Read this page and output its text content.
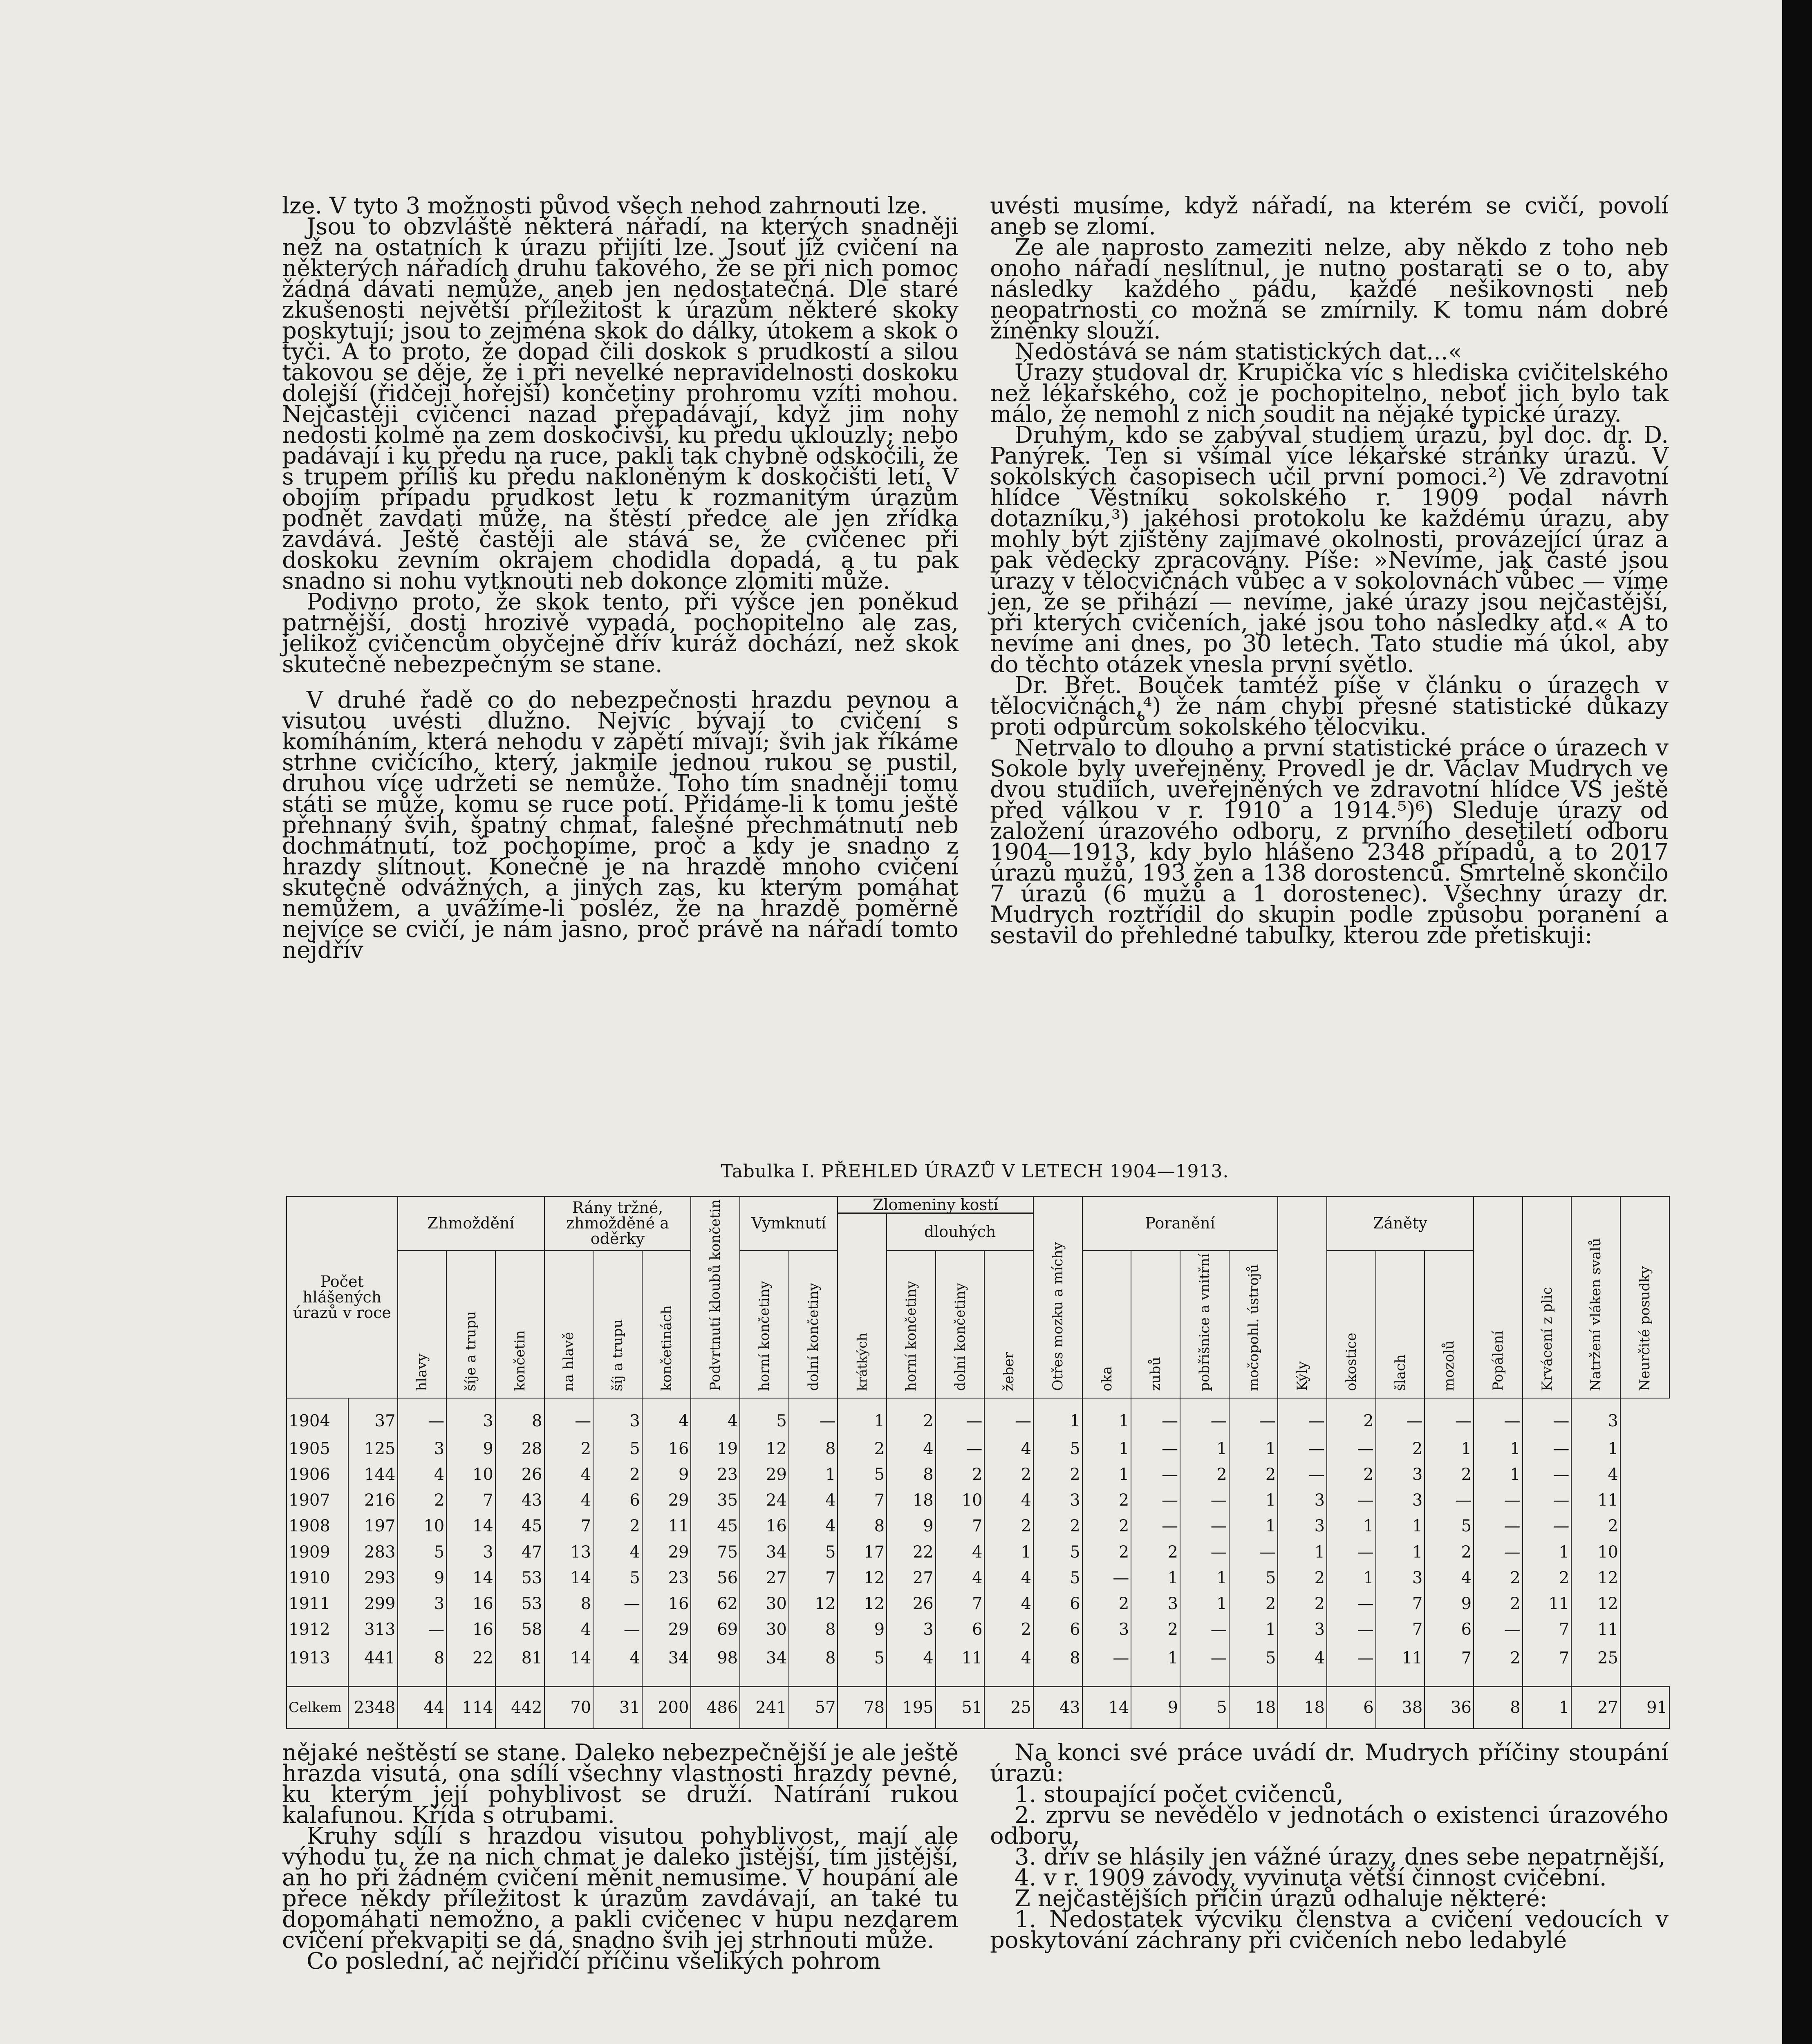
lze. V tyto 3 možnosti původ všech nehod zahrnouti lze.

Jsou to obzvláště některá nářadí, na kterých snadněji než na ostatních k úrazu přijíti lze. Jsouť již cvičení na některých nářadích druhu takového, že se při nich pomoc žádná dávati nemůže, aneb jen nedostatečná. Dle staré zkušenosti největší příležitost k úrazům některé skoky poskytují; jsou to zejména skok do dálky, útokem a skok o tyči. A to proto, že dopad čili doskok s prudkostí a silou takovou se děje, že i při nevelké nepravidelnosti doskoku dolejší (řidčeji hořejší) končetiny prohromu vzíti mohou. Nejčastěji cvičenci nazad přepadávají, když jim nohy nedosti kolmě na zem doskočivší, ku předu uklouzly; nebo padávají i ku předu na ruce, pakli tak chybně odskočili, že s trupem příliš ku předu nakloněným k doskočišti letí. V obojím případu prudkost letu k rozmanitým úrazům podnět zavdati může, na štěstí předce ale jen zřídka zavdává. Ještě častěji ale stává se, že cvičenec při doskoku zevním okrajem chodidla dopadá, a tu pak snadno si nohu vytknouti neb dokonce zlomiti může.

Podivno proto, že skok tento, při výšce jen poněkud patrnější, dosti hrozivě vypadá, pochopitelno ale zas, jelikož cvičencům obyčejně dřív kuráž dochází, než skok skutečně nebezpečným se stane.

V druhé řadě co do nebezpečnosti hrazdu pevnou a visutou uvésti dlužno. Nejvíc bývají to cvičení s komíháním, která nehodu v zápětí mívají; švih jak říkáme strhne cvičícího, který, jakmile jednou rukou se pustil, druhou více udržeti se nemůže. Toho tím snadněji tomu státi se může, komu se ruce potí. Přidáme-li k tomu ještě přehnaný švih, špatný chmat, falešné přechmátnutí neb dochmátnutí, tož pochopíme, proč a kdy je snadno z hrazdy slítnout. Konečně je na hrazdě mnoho cvičení skutečně odvážných, a jiných zas, ku kterým pomáhat nemůžem, a uvážíme-li posléz, že na hrazdě poměrně nejvíce se cvičí, je nám jasno, proč právě na nářadí tomto nejdřív

uvésti musíme, když nářadí, na kterém se cvičí, povolí aneb se zlomí.

Že ale naprosto zameziti nelze, aby někdo z toho neb onoho nářadí neslítnul, je nutno postarati se o to, aby následky každého pádu, každé nešikovnosti neb neopatrnosti co možná se zmírnily. K tomu nám dobré žíněnky slouží.

Nedostává se nám statistických dat...«

Úrazy studoval dr. Krupička víc s hlediska cvičitelského než lékařského, což je pochopitelno, neboť jich bylo tak málo, že nemohl z nich soudit na nějaké typické úrazy.

Druhým, kdo se zabýval studiem úrazů, byl doc. dr. D. Panýrek. Ten si všímal více lékařské stránky úrazů. V sokolských časopisech učil první pomoci.²) Ve zdravotní hlídce Věstníku sokolského r. 1909 podal návrh dotazníku,³) jakéhosi protokolu ke každému úrazu, aby mohly být zjištěny zajímavé okolnosti, provázející úraz a pak vědecky zpracovány. Píše: »Nevíme, jak časté jsou úrazy v tělocvičnách vůbec a v sokolovnách vůbec — víme jen, že se přihází — nevíme, jaké úrazy jsou nejčastější, při kterých cvičeních, jaké jsou toho následky atd.« A to nevíme ani dnes, po 30 letech. Tato studie má úkol, aby do těchto otázek vnesla první světlo.

Dr. Břet. Bouček tamtéž píše v článku o úrazech v tělocvičnách,⁴) že nám chybí přesné statistické důkazy proti odpůrcům sokolského tělocviku.

Netrvalo to dlouho a první statistické práce o úrazech v Sokole byly uveřejněny. Provedl je dr. Václav Mudrych ve dvou studiích, uveřejněných ve zdravotní hlídce VS ještě před válkou v r. 1910 a 1914.⁵)⁶) Sleduje úrazy od založení úrazového odboru, z prvního desetiletí odboru 1904—1913, kdy bylo hlášeno 2348 případů, a to 2017 úrazů mužů, 193 žen a 138 dorostenců. Smrtelně skončilo 7 úrazů (6 mužů a 1 dorostenec). Všechny úrazy dr. Mudrych roztřídil do skupin podle způsobu poranění a sestavil do přehledné tabulky, kterou zde přetiskuji:

Tabulka I. PŘEHLED ÚRAZŮ V LETECH 1904—1913.
Počet hlášených úrazů v roce		Zhmoždění			Rány tržné, zhmožděné a oděrky			Podvrtnutí kloubů končetin	Vymknutí		Zlomeniny kostí				Otřes mozku a míchy	Poranění				Kýly	Záněty			Popálení	Krvácení z plic	Natržení vláken svalů	Neurčité posudky
											krátkých	dlouhých															
		hlavy	šíje a trupu	končetin	na hlavě	šíj a trupu	končetinách		horní končetiny	dolní končetiny		horní končetiny	dolní končetiny	žeber		oka	zubů	pobřišnice a vnitřní	močopohl. ústrojů		okostice	šlach	mozolů				
1904	37	—	3	8	—	3	4	4	5	—	1	2	—	—	1	1	—	—	—	—	2	—	—	—	—	3	
1905	125	3	9	28	2	5	16	19	12	8	2	4	—	4	5	1	—	1	1	—	—	2	1	1	—	1	
1906	144	4	10	26	4	2	9	23	29	1	5	8	2	2	2	1	—	2	2	—	2	3	2	1	—	4	
1907	216	2	7	43	4	6	29	35	24	4	7	18	10	4	3	2	—	—	1	3	—	3	—	—	—	11	
1908	197	10	14	45	7	2	11	45	16	4	8	9	7	2	2	2	—	—	1	3	1	1	5	—	—	2	
1909	283	5	3	47	13	4	29	75	34	5	17	22	4	1	5	2	2	—	—	1	—	1	2	—	1	10	
1910	293	9	14	53	14	5	23	56	27	7	12	27	4	4	5	—	1	1	5	2	1	3	4	2	2	12	
1911	299	3	16	53	8	—	16	62	30	12	12	26	7	4	6	2	3	1	2	2	—	7	9	2	11	12	
1912	313	—	16	58	4	—	29	69	30	8	9	3	6	2	6	3	2	—	1	3	—	7	6	—	7	11	
1913	441	8	22	81	14	4	34	98	34	8	5	4	11	4	8	—	1	—	5	4	—	11	7	2	7	25	
Celkem	2348	44	114	442	70	31	200	486	241	57	78	195	51	25	43	14	9	5	18	18	6	38	36	8	1	27	91

nějaké neštěstí se stane. Daleko nebezpečnější je ale ještě hrazda visutá, ona sdílí všechny vlastnosti hrazdy pevné, ku kterým její pohyblivost se druží. Natírání rukou kalafunou. Křída s otrubami.

Kruhy sdílí s hrazdou visutou pohyblivost, mají ale výhodu tu, že na nich chmat je daleko jistější, tím jistější, an ho při žádném cvičení měnit nemusíme. V houpání ale přece někdy příležitost k úrazům zavdávají, an také tu dopomáhati nemožno, a pakli cvičenec v hupu nezdarem cvičení překvapiti se dá, snadno švih jej strhnouti může.

Co poslední, ač nejřidčí příčinu všelikých pohrom

Na konci své práce uvádí dr. Mudrych příčiny stoupání úrazů:

1. stoupající počet cvičenců,

2. zprvu se nevědělo v jednotách o existenci úrazového odboru,

3. dřív se hlásily jen vážné úrazy, dnes sebe nepatrnější,

4. v r. 1909 závody, vyvinuta větší činnost cvičební.

Z nejčastějších příčin úrazů odhaluje některé:

1. Nedostatek výcviku členstva a cvičení vedoucích v poskytování záchrany při cvičeních nebo ledabylé
